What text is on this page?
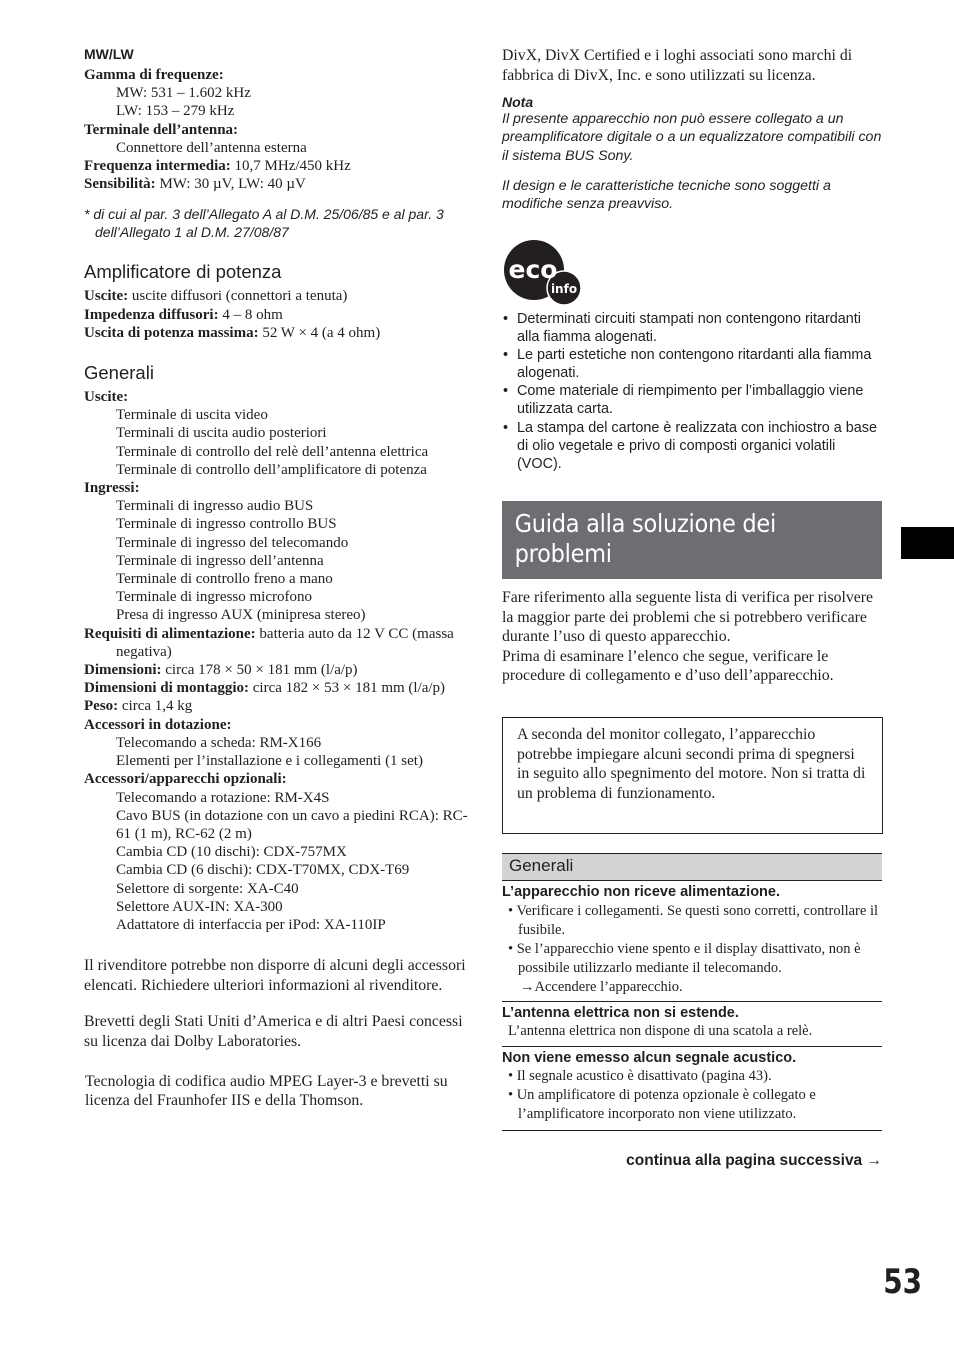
MW/LW
Gamma di frequenze:
MW: 531 – 1.602 kHz
LW: 153 – 279 kHz
Terminale dell’antenna:
Connettore dell’antenna esterna
Frequenza intermedia: 10,7 MHz/450 kHz
Sensibilità: MW: 30 µV, LW: 40 µV
* di cui al par. 3 dell’Allegato A al D.M. 25/06/85 e al par. 3 dell’Allegato 1 al D.M. 27/08/87
Amplificatore di potenza
Uscite: uscite diffusori (connettori a tenuta)
Impedenza diffusori: 4 – 8 ohm
Uscita di potenza massima: 52 W × 4 (a 4 ohm)
Generali
Uscite:
Terminale di uscita video
Terminali di uscita audio posteriori
Terminale di controllo del relè dell’antenna elettrica
Terminale di controllo dell’amplificatore di potenza
Ingressi:
Terminali di ingresso audio BUS
Terminale di ingresso controllo BUS
Terminale di ingresso del telecomando
Terminale di ingresso dell’antenna
Terminale di controllo freno a mano
Terminale di ingresso microfono
Presa di ingresso AUX (minipresa stereo)
Requisiti di alimentazione: batteria auto da 12 V CC (massa negativa)
Dimensioni: circa 178 × 50 × 181 mm (l/a/p)
Dimensioni di montaggio: circa 182 × 53 × 181 mm (l/a/p)
Peso: circa 1,4 kg
Accessori in dotazione:
Telecomando a scheda: RM-X166
Elementi per l’installazione e i collegamenti (1 set)
Accessori/apparecchi opzionali:
Telecomando a rotazione: RM-X4S
Cavo BUS (in dotazione con un cavo a piedini RCA): RC-61 (1 m), RC-62 (2 m)
Cambia CD (10 dischi): CDX-757MX
Cambia CD (6 dischi): CDX-T70MX, CDX-T69
Selettore di sorgente: XA-C40
Selettore AUX-IN: XA-300
Adattatore di interfaccia per iPod: XA-110IP
Il rivenditore potrebbe non disporre di alcuni degli accessori elencati. Richiedere ulteriori informazioni al rivenditore.
Brevetti degli Stati Uniti d’America e di altri Paesi concessi su licenza dai Dolby Laboratories.
Tecnologia di codifica audio MPEG Layer-3 e brevetti su licenza del Fraunhofer IIS e della Thomson.
DivX, DivX Certified e i loghi associati sono marchi di fabbrica di DivX, Inc. e sono utilizzati su licenza.
Nota
Il presente apparecchio non può essere collegato a un preamplificatore digitale o a un equalizzatore compatibili con il sistema BUS Sony.
Il design e le caratteristiche tecniche sono soggetti a modifiche senza preavviso.
eco
info
• Determinati circuiti stampati non contengono ritardanti alla fiamma alogenati.
• Le parti estetiche non contengono ritardanti alla fiamma alogenati.
• Come materiale di riempimento per l’imballaggio viene utilizzata carta.
• La stampa del cartone è realizzata con inchiostro a base di olio vegetale e privo di composti organici volatili (VOC).
Guida alla soluzione dei
problemi
Fare riferimento alla seguente lista di verifica per risolvere la maggior parte dei problemi che si potrebbero verificare durante l’uso di questo apparecchio.
Prima di esaminare l’elenco che segue, verificare le procedure di collegamento e d’uso dell’apparecchio.
A seconda del monitor collegato, l’apparecchio potrebbe impiegare alcuni secondi prima di spegnersi in seguito allo spegnimento del motore. Non si tratta di un problema di funzionamento.
Generali
L’apparecchio non riceve alimentazione.
• Verificare i collegamenti. Se questi sono corretti, controllare il fusibile.
• Se l’apparecchio viene spento e il display disattivato, non è possibile utilizzarlo mediante il telecomando.
→Accendere l’apparecchio.
L’antenna elettrica non si estende.
L’antenna elettrica non dispone di una scatola a relè.
Non viene emesso alcun segnale acustico.
• Il segnale acustico è disattivato (pagina 43).
• Un amplificatore di potenza opzionale è collegato e l’amplificatore incorporato non viene utilizzato.
continua alla pagina successiva →
53
